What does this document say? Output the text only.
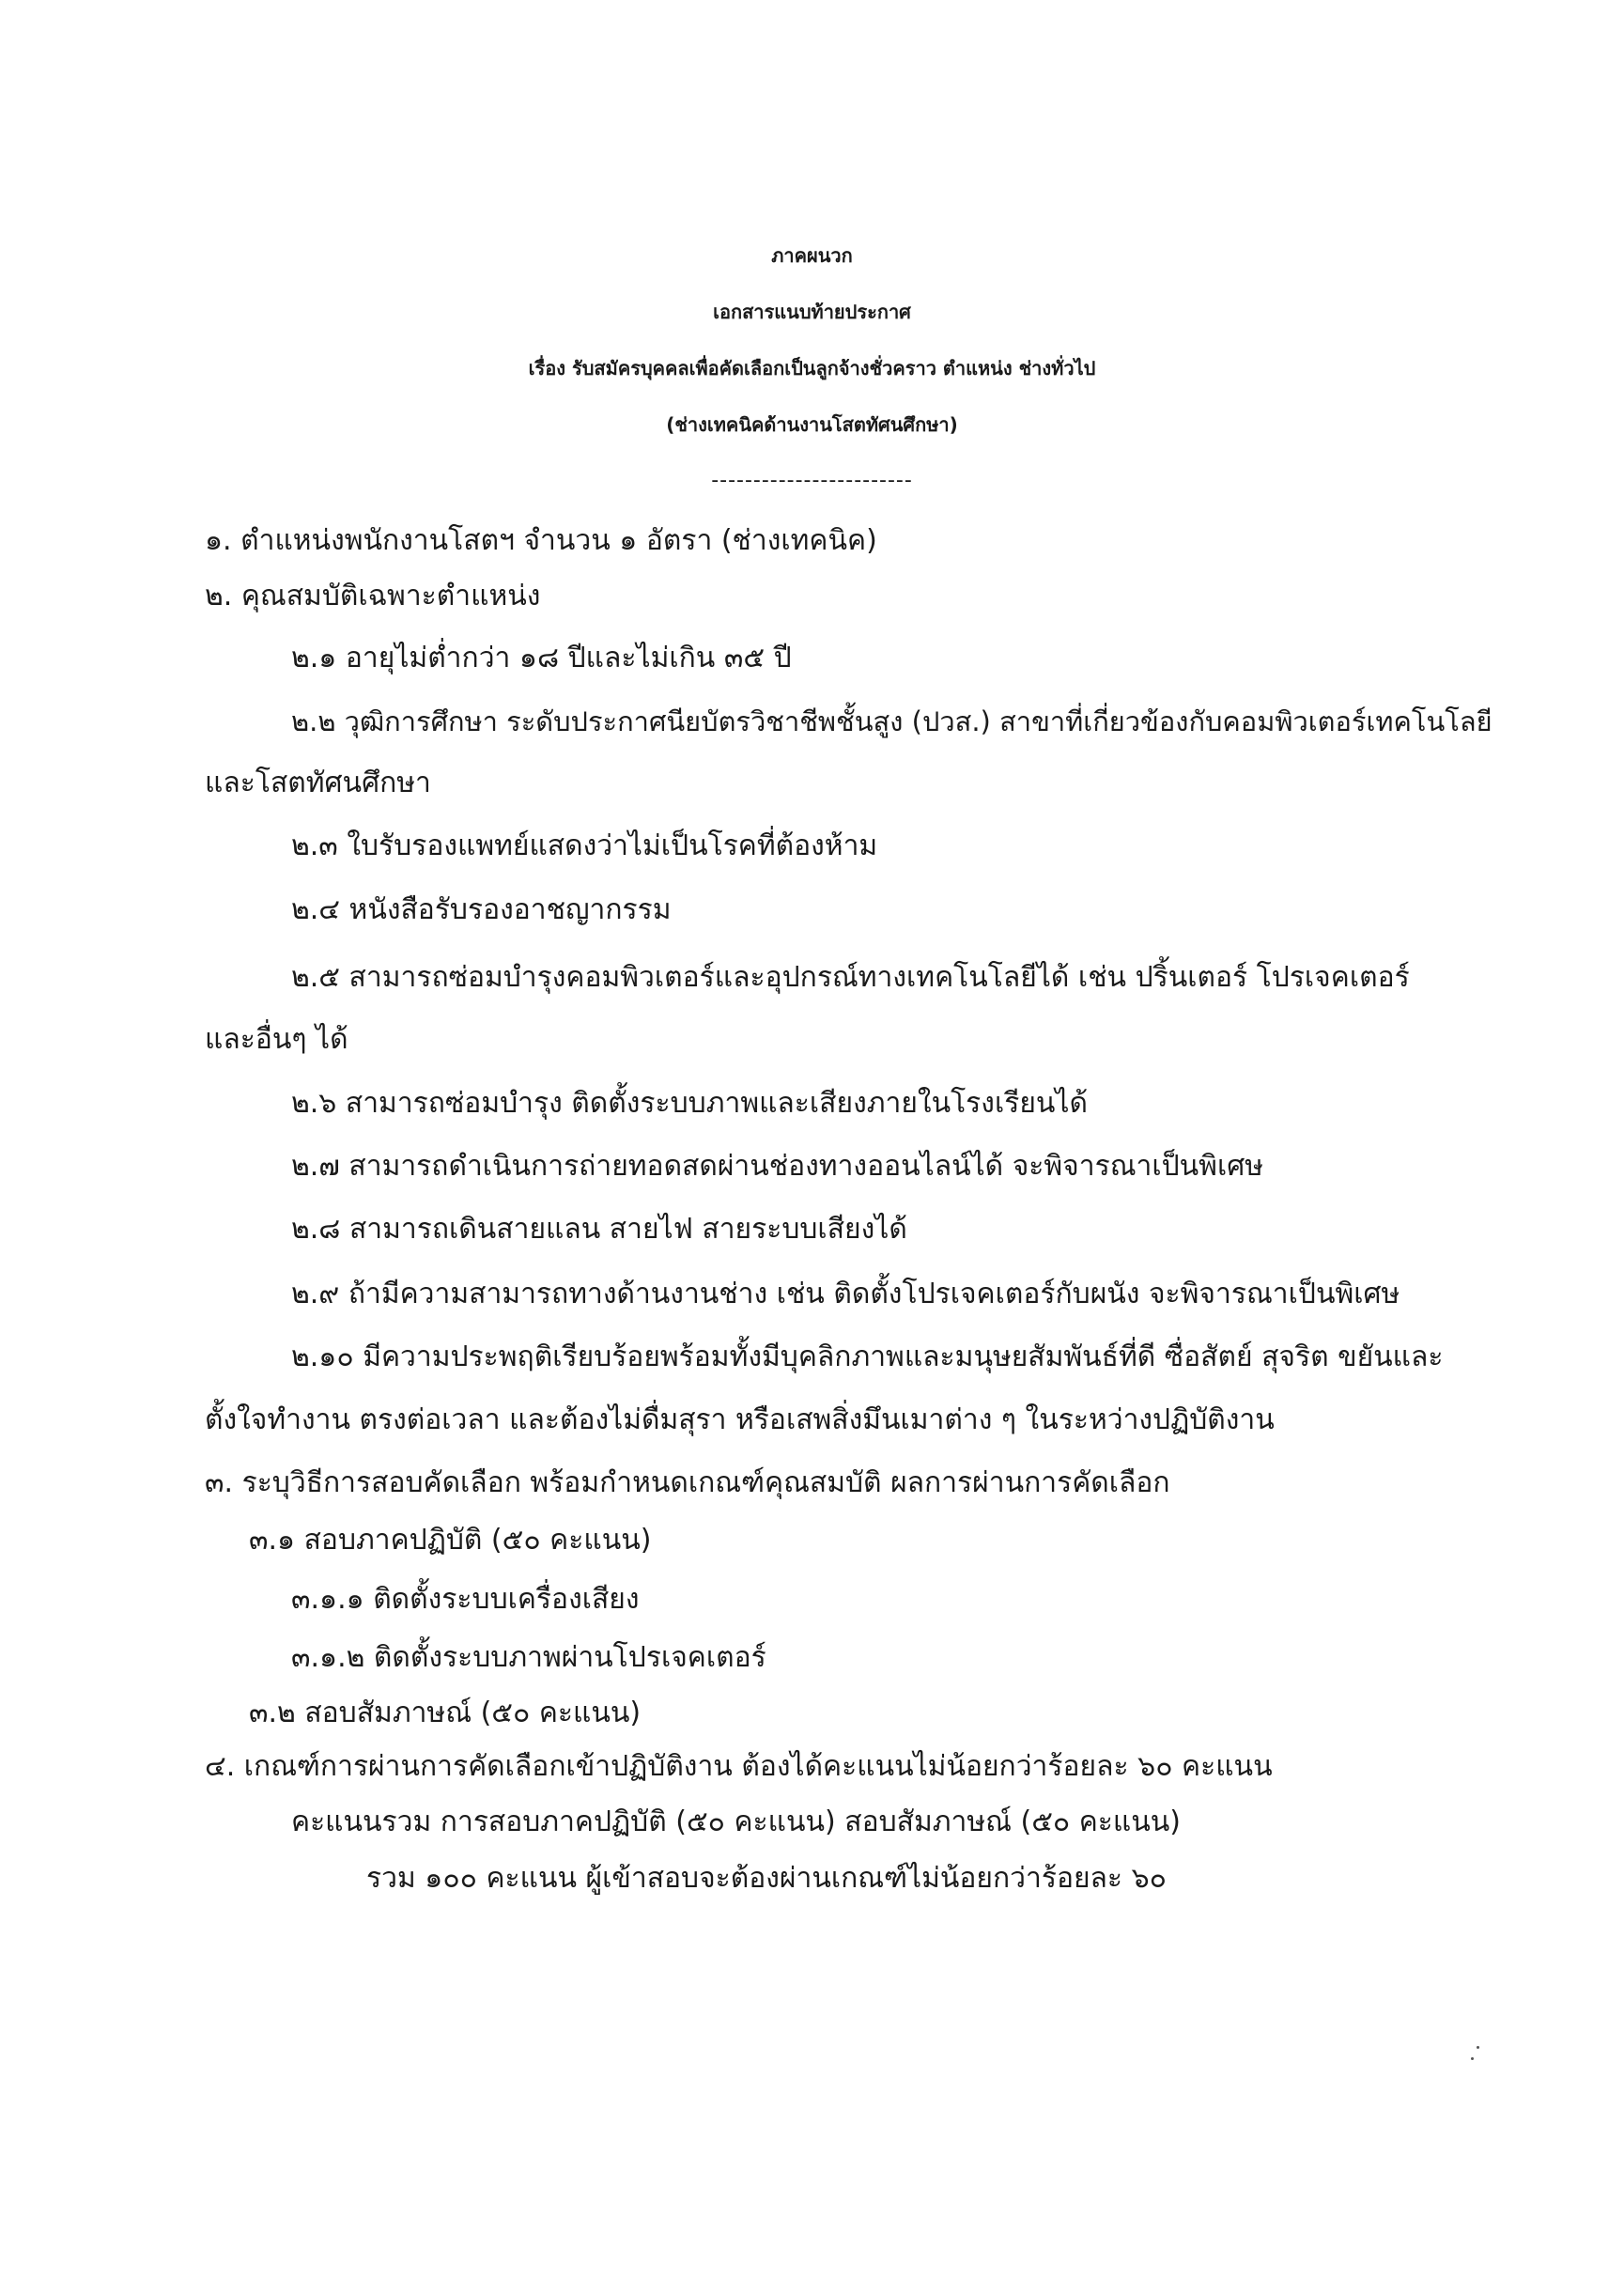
ภาคผนวก
เอกสารแนบท้ายประกาศ
เรื่อง รับสมัครบุคคลเพื่อคัดเลือกเป็นลูกจ้างชั่วคราว ตำแหน่ง ช่างทั่วไป
(ช่างเทคนิคด้านงานโสตทัศนศึกษา)
------------------------
๑. ตำแหน่งพนักงานโสตฯ จำนวน ๑ อัตรา (ช่างเทคนิค)
๒. คุณสมบัติเฉพาะตำแหน่ง
๒.๑ อายุไม่ต่ำกว่า ๑๘ ปีและไม่เกิน ๓๕ ปี
๒.๒ วุฒิการศึกษา ระดับประกาศนียบัตรวิชาชีพชั้นสูง (ปวส.) สาขาที่เกี่ยวข้องกับคอมพิวเตอร์เทคโนโลยี
และโสตทัศนศึกษา
๒.๓ ใบรับรองแพทย์แสดงว่าไม่เป็นโรคที่ต้องห้าม
๒.๔ หนังสือรับรองอาชญากรรม
๒.๕ สามารถซ่อมบำรุงคอมพิวเตอร์และอุปกรณ์ทางเทคโนโลยีได้ เช่น ปริ้นเตอร์ โปรเจคเตอร์
และอื่นๆ ได้
๒.๖ สามารถซ่อมบำรุง ติดตั้งระบบภาพและเสียงภายในโรงเรียนได้
๒.๗ สามารถดำเนินการถ่ายทอดสดผ่านช่องทางออนไลน์ได้ จะพิจารณาเป็นพิเศษ
๒.๘ สามารถเดินสายแลน สายไฟ สายระบบเสียงได้
๒.๙ ถ้ามีความสามารถทางด้านงานช่าง เช่น ติดตั้งโปรเจคเตอร์กับผนัง จะพิจารณาเป็นพิเศษ
๒.๑๐ มีความประพฤติเรียบร้อยพร้อมทั้งมีบุคลิกภาพและมนุษยสัมพันธ์ที่ดี ซื่อสัตย์ สุจริต ขยันและ
ตั้งใจทำงาน ตรงต่อเวลา และต้องไม่ดื่มสุรา หรือเสพสิ่งมึนเมาต่าง ๆ ในระหว่างปฏิบัติงาน
๓. ระบุวิธีการสอบคัดเลือก พร้อมกำหนดเกณฑ์คุณสมบัติ ผลการผ่านการคัดเลือก
๓.๑ สอบภาคปฏิบัติ (๕๐ คะแนน)
๓.๑.๑ ติดตั้งระบบเครื่องเสียง
๓.๑.๒ ติดตั้งระบบภาพผ่านโปรเจคเตอร์
๓.๒ สอบสัมภาษณ์ (๕๐ คะแนน)
๔. เกณฑ์การผ่านการคัดเลือกเข้าปฏิบัติงาน ต้องได้คะแนนไม่น้อยกว่าร้อยละ ๖๐ คะแนน
คะแนนรวม การสอบภาคปฏิบัติ (๕๐ คะแนน) สอบสัมภาษณ์ (๕๐ คะแนน)
รวม ๑๐๐ คะแนน ผู้เข้าสอบจะต้องผ่านเกณฑ์ไม่น้อยกว่าร้อยละ ๖๐
